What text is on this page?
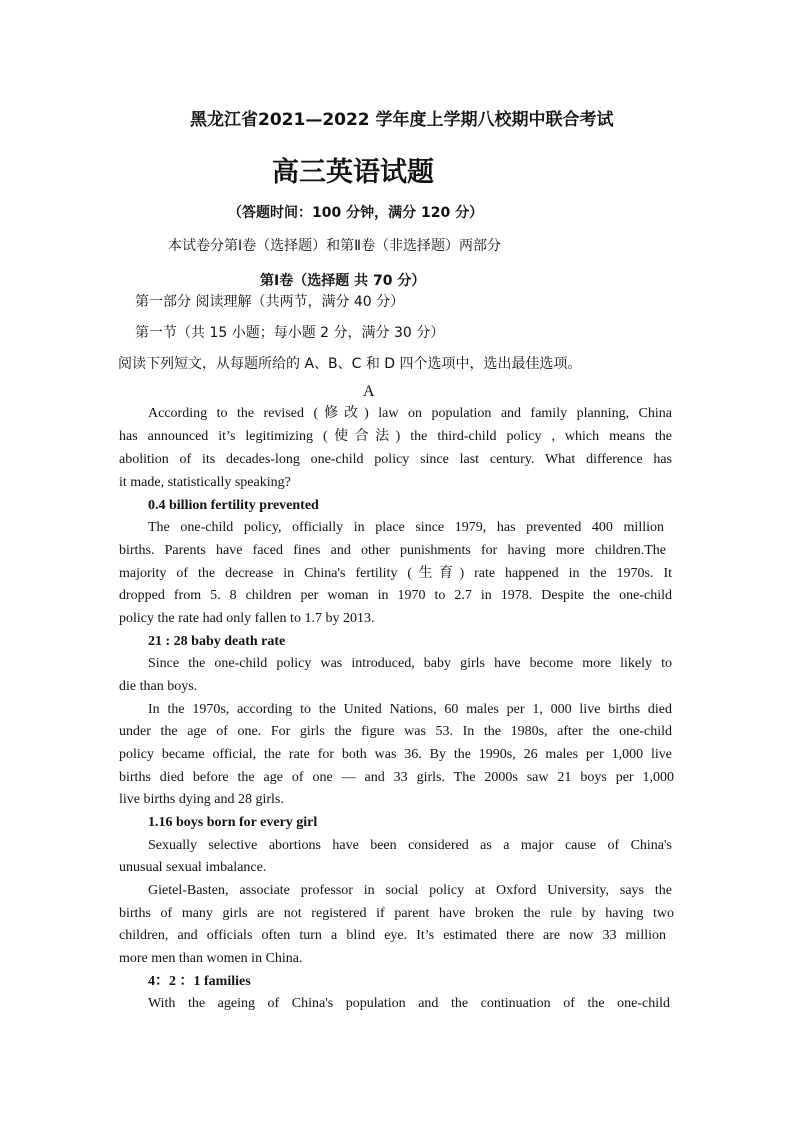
黑龙江省2021—2022 学年度上学期八校期中联合考试
高三英语试题
（答题时间：100 分钟，满分 120 分）
本试卷分第Ⅰ卷（选择题）和第Ⅱ卷（非选择题）两部分
第Ⅰ卷（选择题 共 70 分）
第一部分 阅读理解（共两节，满分 40 分）
第一节（共 15 小题；每小题 2 分，满分 30 分）
阅读下列短文，从每题所给的 A、B、C 和 D 四个选项中，选出最佳选项。
A
According to the revised (修改) law on population and family planning, China
has announced it’s legitimizing (使合法) the third-child policy , which means the
abolition of its decades-long one-child policy since last century. What difference has
it made, statistically speaking?
0.4 billion fertility prevented
The one-child policy, officially in place since 1979, has prevented 400 million
births. Parents have faced fines and other punishments for having more children.The
majority of the decrease in China's fertility (生育) rate happened in the 1970s. It
dropped from 5. 8 children per woman in 1970 to 2.7 in 1978. Despite the one-child
policy the rate had only fallen to 1.7 by 2013.
21 : 28 baby death rate
Since the one-child policy was introduced, baby girls have become more likely to
die than boys.
In the 1970s, according to the United Nations, 60 males per 1, 000 live births died
under the age of one. For girls the figure was 53. In the 1980s, after the one-child
policy became official, the rate for both was 36. By the 1990s, 26 males per 1,000 live
births died before the age of one — and 33 girls. The 2000s saw 21 boys per 1,000
live births dying and 28 girls.
1.16 boys born for every girl
Sexually selective abortions have been considered as a major cause of China's
unusual sexual imbalance.
Gietel-Basten, associate professor in social policy at Oxford University, says the
births of many girls are not registered if parent have broken the rule by having two
children, and officials often turn a blind eye. It’s estimated there are now 33 million
more men than women in China.
4：2 ：1 families
With the ageing of China's population and the continuation of the one-child
